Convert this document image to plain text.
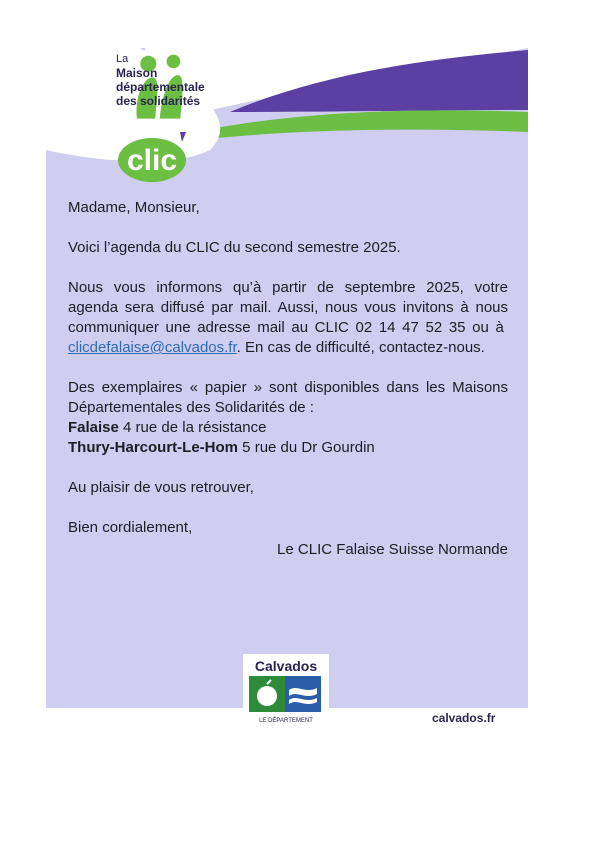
La
Maison
départementale
des solidarités
clic

Madame, Monsieur,

Voici l’agenda du CLIC du second semestre 2025.

Nous vous informons qu’à partir de septembre 2025, votre agenda sera diffusé par mail. Aussi, nous vous invitons à nous communiquer une adresse mail au CLIC 02 14 47 52 35 ou à  clicdefalaise@calvados.fr. En cas de difficulté, contactez-nous.

Des exemplaires « papier » sont disponibles dans les Maisons Départementales des Solidarités de :

Falaise 4 rue de la résistance
Thury-Harcourt-Le-Hom 5 rue du Dr Gourdin

Au plaisir de vous retrouver,

Bien cordialement,

Le CLIC Falaise Suisse Normande

Calvados
LE DÉPARTEMENT	calvados.fr
